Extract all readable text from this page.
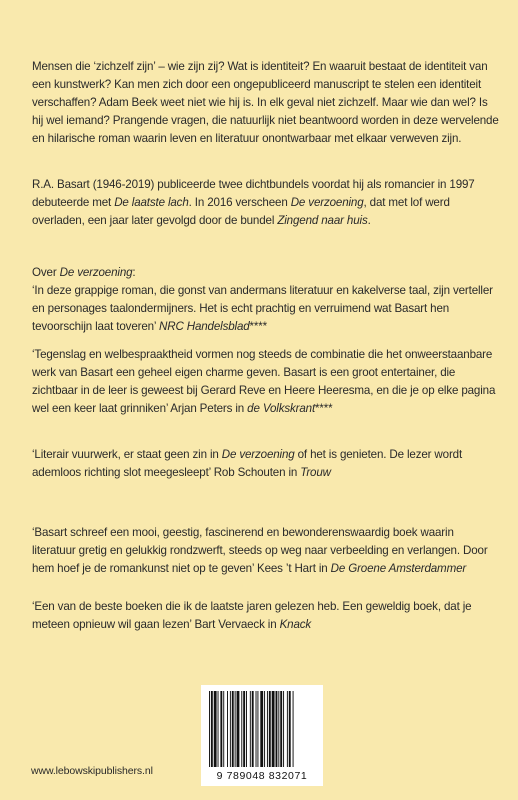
Mensen die ‘zichzelf zijn’ – wie zijn zij? Wat is identiteit? En waaruit bestaat de identiteit van een kunstwerk? Kan men zich door een ongepubliceerd manuscript te stelen een identiteit verschaffen? Adam Beek weet niet wie hij is. In elk geval niet zichzelf. Maar wie dan wel? Is hij wel iemand? Prangende vragen, die natuurlijk niet beantwoord worden in deze wervelende en hilarische roman waarin leven en literatuur onontwarbaar met elkaar verweven zijn.

R.A. Basart (1946-2019) publiceerde twee dichtbundels voordat hij als romancier in 1997 debuteerde met De laatste lach. In 2016 verscheen De verzoening, dat met lof werd overladen, een jaar later gevolgd door de bundel Zingend naar huis.

Over De verzoening:

‘In deze grappige roman, die gonst van andermans literatuur en kakelverse taal, zijn verteller en personages taalondermijners. Het is echt prachtig en verruimend wat Basart hen tevoorschijn laat toveren’ NRC Handelsblad****

‘Tegenslag en welbespraaktheid vormen nog steeds de combinatie die het onweerstaanbare werk van Basart een geheel eigen charme geven. Basart is een groot entertainer, die zichtbaar in de leer is geweest bij Gerard Reve en Heere Heeresma, en die je op elke pagina wel een keer laat grinniken’ Arjan Peters in de Volkskrant****

‘Literair vuurwerk, er staat geen zin in De verzoening of het is genieten. De lezer wordt ademloos richting slot meegesleept’ Rob Schouten in Trouw

‘Basart schreef een mooi, geestig, fascinerend en bewonderenswaardig boek waarin literatuur gretig en gelukkig rondzwerft, steeds op weg naar verbeelding en verlangen. Door hem hoef je de romankunst niet op te geven’ Kees ’t Hart in De Groene Amsterdammer

‘Een van de beste boeken die ik de laatste jaren gelezen heb. Een geweldig boek, dat je meteen opnieuw wil gaan lezen’ Bart Vervaeck in Knack

9 789048 832071
www.lebowskipublishers.nl
